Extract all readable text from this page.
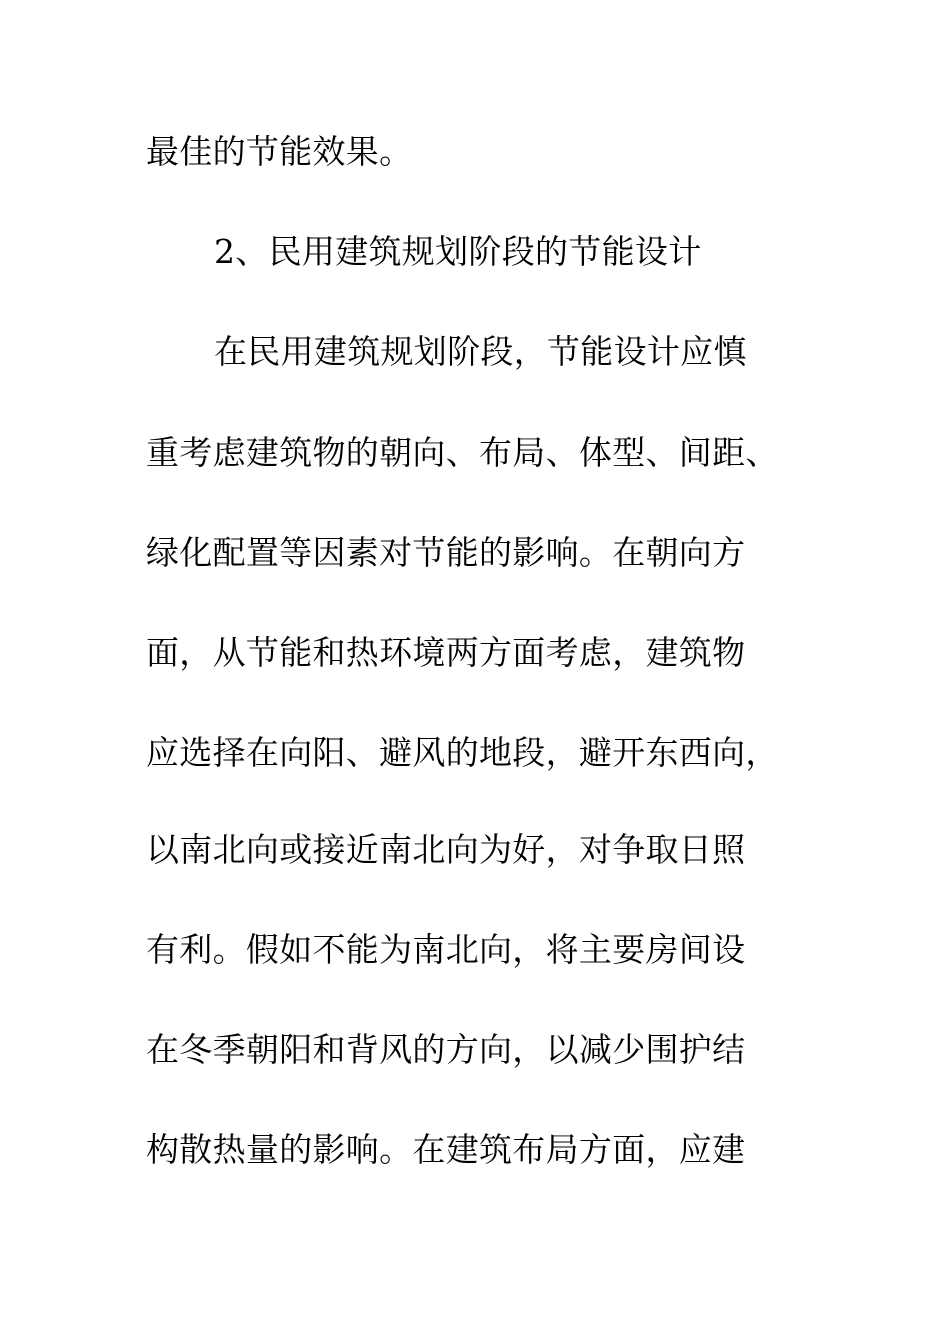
最佳的节能效果。
2、民用建筑规划阶段的节能设计
在民用建筑规划阶段，节能设计应慎
重考虑建筑物的朝向、布局、体型、间距、
绿化配置等因素对节能的影响。在朝向方
面，从节能和热环境两方面考虑，建筑物
应选择在向阳、避风的地段，避开东西向，
以南北向或接近南北向为好，对争取日照
有利。假如不能为南北向，将主要房间设
在冬季朝阳和背风的方向，以减少围护结
构散热量的影响。在建筑布局方面，应建
